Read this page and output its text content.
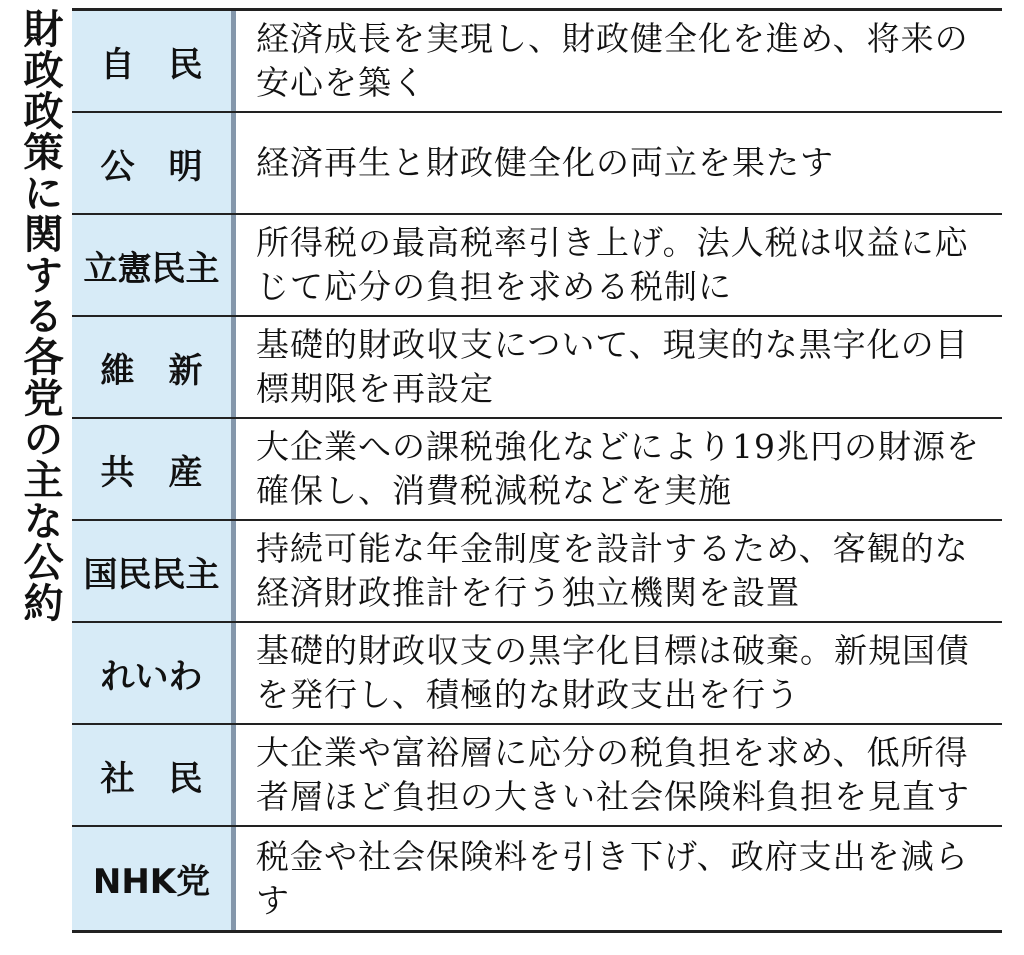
財政政策に関する各党の主な公約	自　民
経済成長を実現し、財政健全化を進め、将来の安心を築く
公　明	経済再生と財政健全化の両立を果たす
立憲民主
所得税の最高税率引き上げ。法人税は収益に応じて応分の負担を求める税制に
維　新
基礎的財政収支について、現実的な黒字化の目標期限を再設定
共　産
大企業への課税強化などにより19兆円の財源を確保し、消費税減税などを実施
国民民主
持続可能な年金制度を設計するため、客観的な経済財政推計を行う独立機関を設置
れいわ
基礎的財政収支の黒字化目標は破棄。新規国債を発行し、積極的な財政支出を行う
社　民
大企業や富裕層に応分の税負担を求め、低所得者層ほど負担の大きい社会保険料負担を見直す
NHK党
税金や社会保険料を引き下げ、政府支出を減らす
